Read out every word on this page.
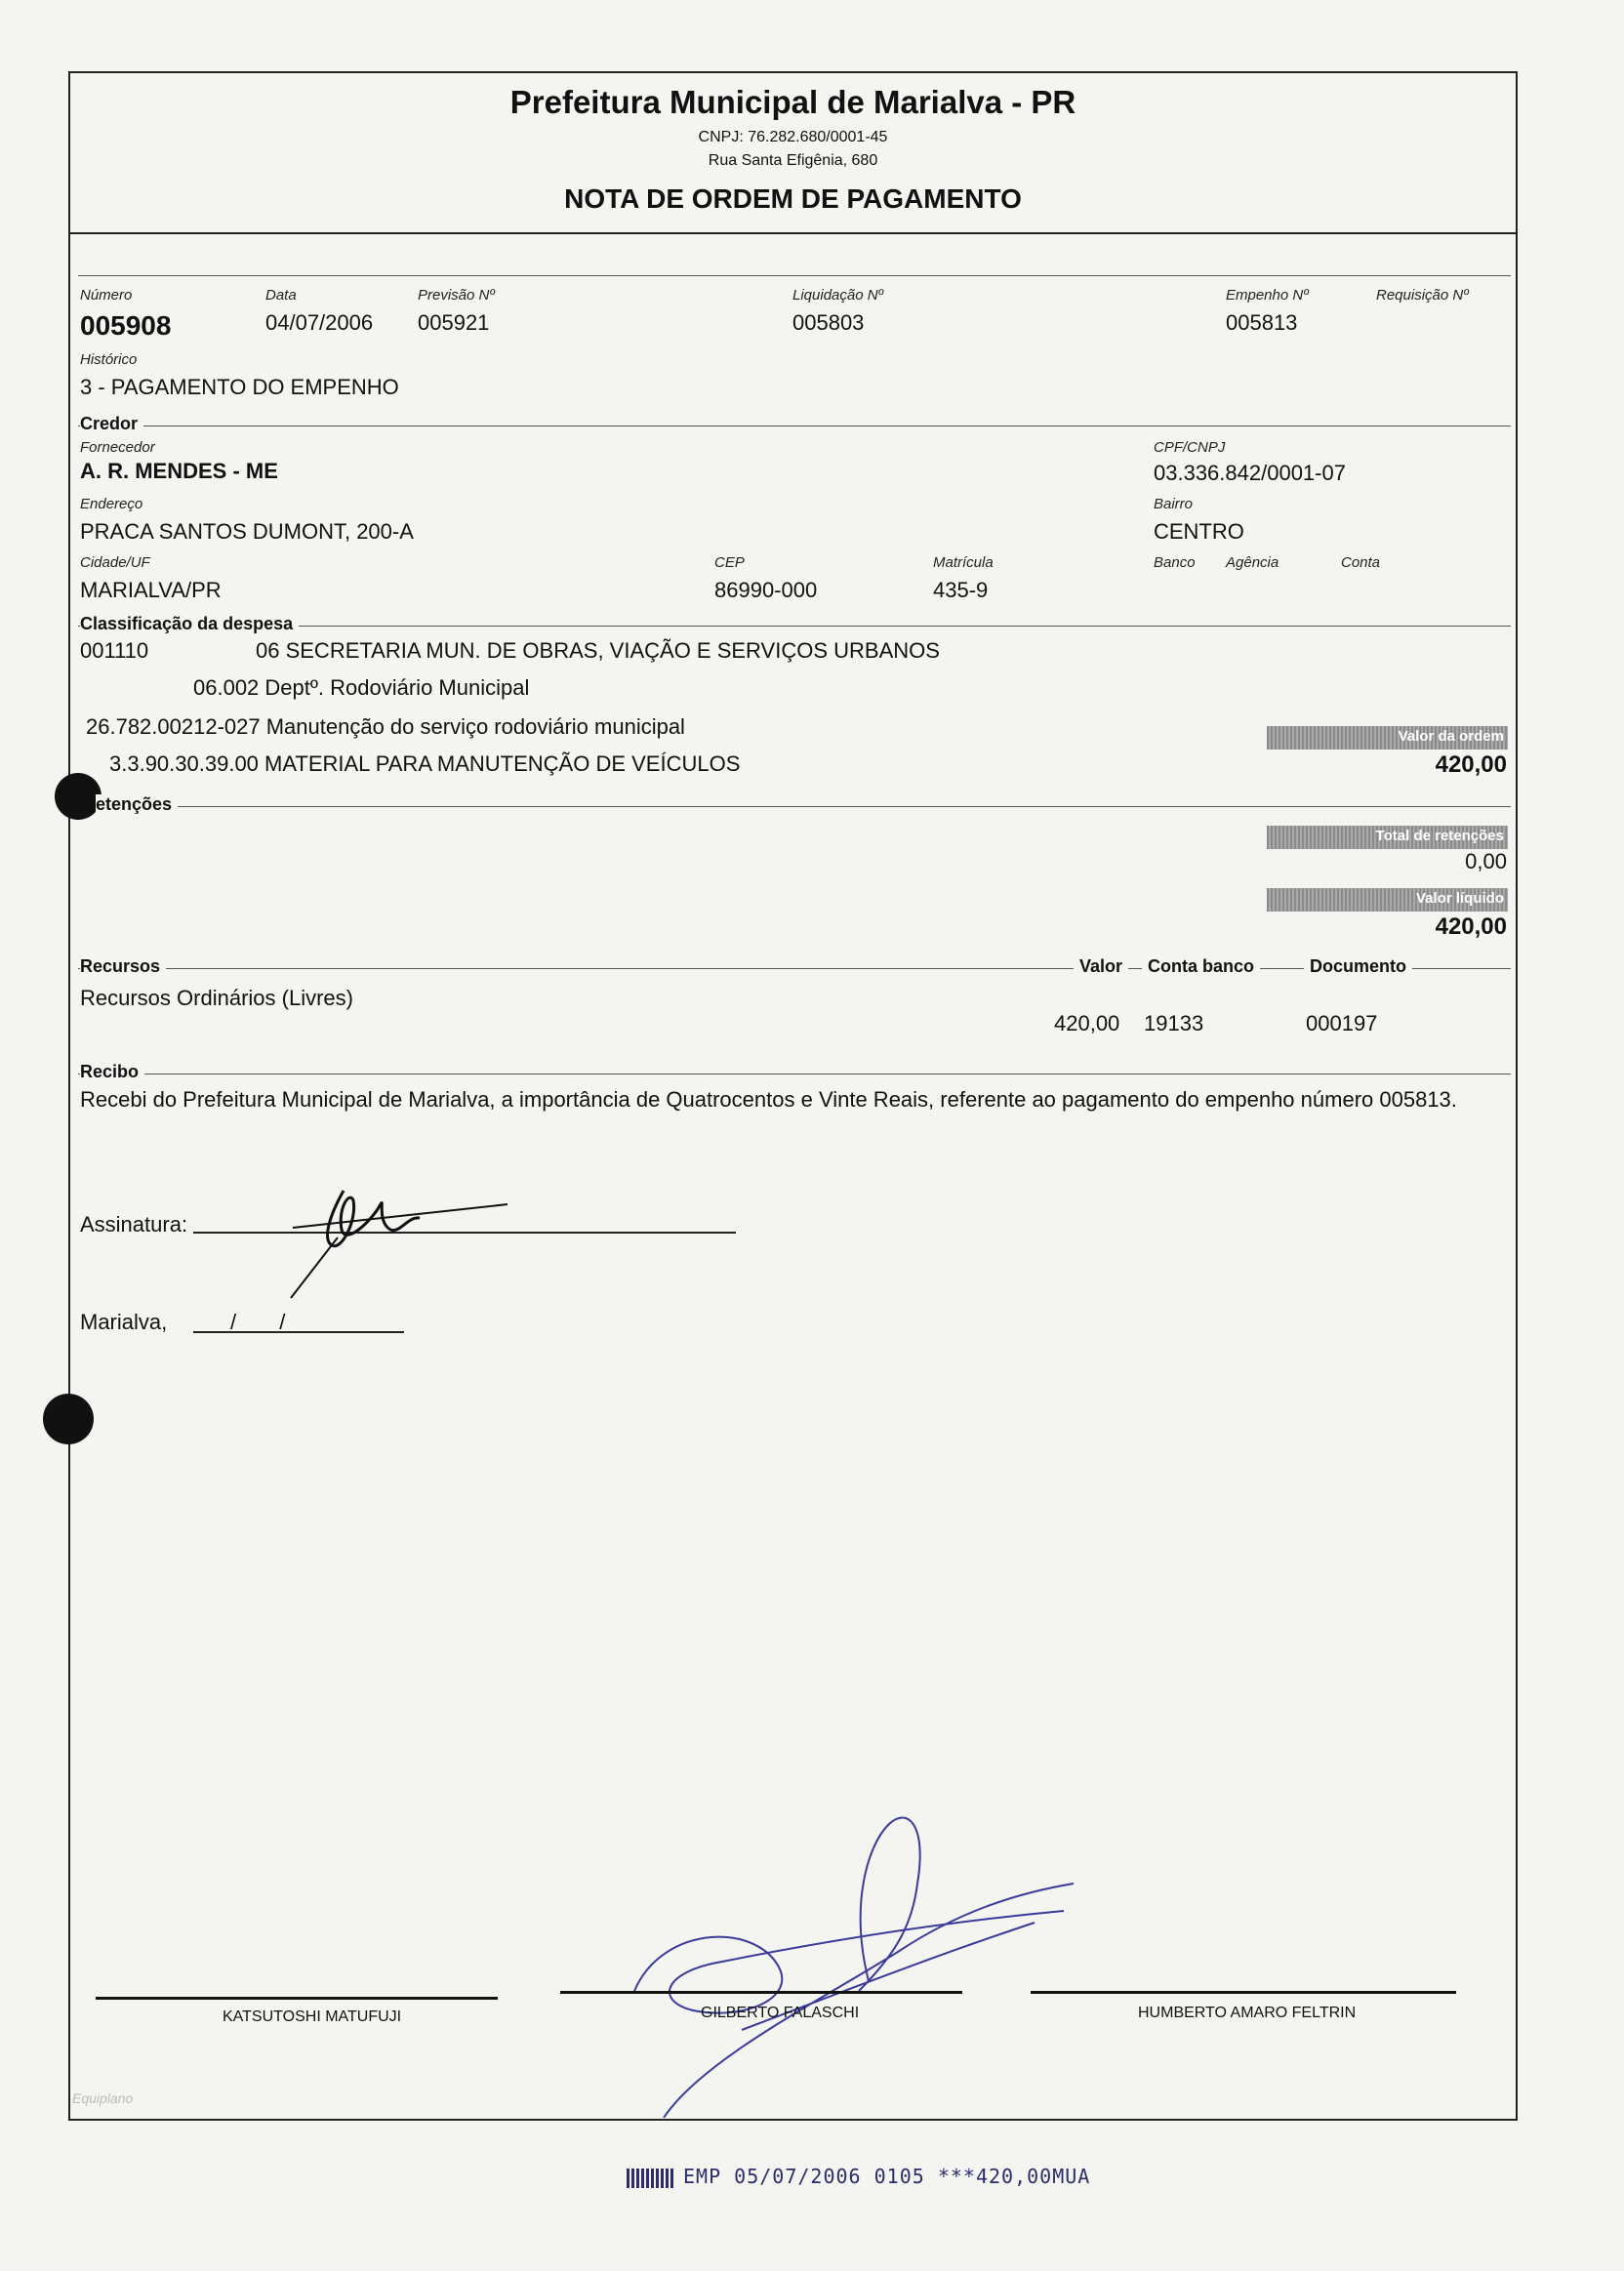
Prefeitura Municipal de Marialva - PR
CNPJ: 76.282.680/0001-45
Rua Santa Efigênia, 680
NOTA DE ORDEM DE PAGAMENTO
Número
005908
Data
04/07/2006
Previsão Nº
005921
Liquidação Nº
005803
Empenho Nº
005813
Requisição Nº
Histórico
3 - PAGAMENTO DO EMPENHO
Credor
Fornecedor
A. R. MENDES - ME
CPF/CNPJ
03.336.842/0001-07
Endereço
PRACA SANTOS DUMONT, 200-A
Bairro
CENTRO
Cidade/UF
MARIALVA/PR
CEP
86990-000
Matrícula
435-9
Banco Agência	Conta
Classificação da despesa
001110	06 SECRETARIA MUN. DE OBRAS, VIAÇÃO E SERVIÇOS URBANOS
06.002 Deptº. Rodoviário Municipal
26.782.00212-027 Manutenção do serviço rodoviário municipal
3.3.90.30.39.00 MATERIAL PARA MANUTENÇÃO DE VEÍCULOS
Valor da ordem
420,00
etenções
Total de retenções
0,00
Valor líquido
420,00
Recursos	Valor	Conta banco	Documento
Recursos Ordinários (Livres)
420,00 19133	000197
Recibo
Recebi do Prefeitura Municipal de Marialva, a importância de Quatrocentos e Vinte Reais, referente ao pagamento do empenho número 005813.
Assinatura:
Marialva,	/ /
KATSUTOSHI MATUFUJI	GILBERTO FALASCHI	HUMBERTO AMARO FELTRIN
Equiplano
EMP 05/07/2006 0105 ***420,00MUA
